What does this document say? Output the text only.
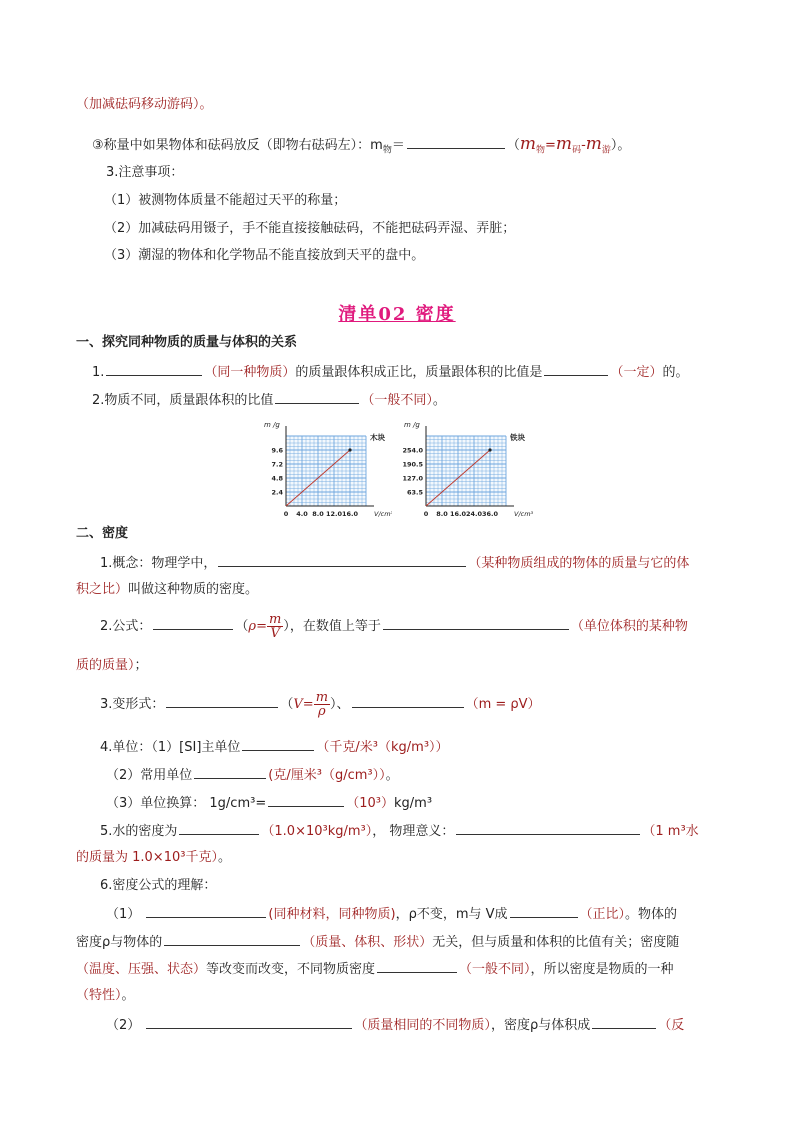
（加减砝码移动游码）。
③称量中如果物体和砝码放反（即物右砝码左）：$m_物=$	$(m_物=m_码-m_游)$。
3.注意事项：
（1）被测物体质量不能超过天平的称量；
（2）加减砝码用镊子，手不能直接接触砝码，不能把砝码弄湿、弄脏；
（3）潮湿的物体和化学物品不能直接放到天平的盘中。
清单02 密度
一、探究同种物质的质量与体积的关系
1.	（同一种物质）的质量跟体积成正比，质量跟体积的比值是	（一定）的。
2.物质不同，质量跟体积的比值	（一般不同）。
0 4.0 8.0 12.0 16.0
2.4
4.8
7.2
9.6
m /g
V/cm³
木块
0 8.0 16.0 24.0 36.0
63.5
127.0
190.5
254.0
m /g
V/cm³
铁块
二、密度
1.概念：物理学中，	（某种物质组成的物体的质量与它的体
积之比）叫做这种物质的密度。
2.公式：	（$\rho= \frac{m}{V}$ ），在数值上等于	（单位体积的某种物
质的质量）；
3.变形式：	（$V= \frac{m}{\rho}$ ）、	（m = ρV）
4.单位：（1）[SI]主单位	（千克/米³（kg/m³））
（2）常用单位	(克/厘米³（g/cm³））。
（3）单位换算： 1g/cm³=	（10³）kg/m³
5.水的密度为	（1.0×10³kg/m³）， 物理意义：	（1 m³水
的质量为 1.0×10³千克）。
6.密度公式的理解：
（1）	(同种材料，同种物质)，ρ不变，m与 V成	（正比）。物体的
密度ρ与物体的	（质量、体积、形状）无关，但与质量和体积的比值有关；密度随
（温度、压强、状态）等改变而改变，不同物质密度	（一般不同），所以密度是物质的一种
（特性）。
（2）	（质量相同的不同物质），密度ρ与体积成	（反
